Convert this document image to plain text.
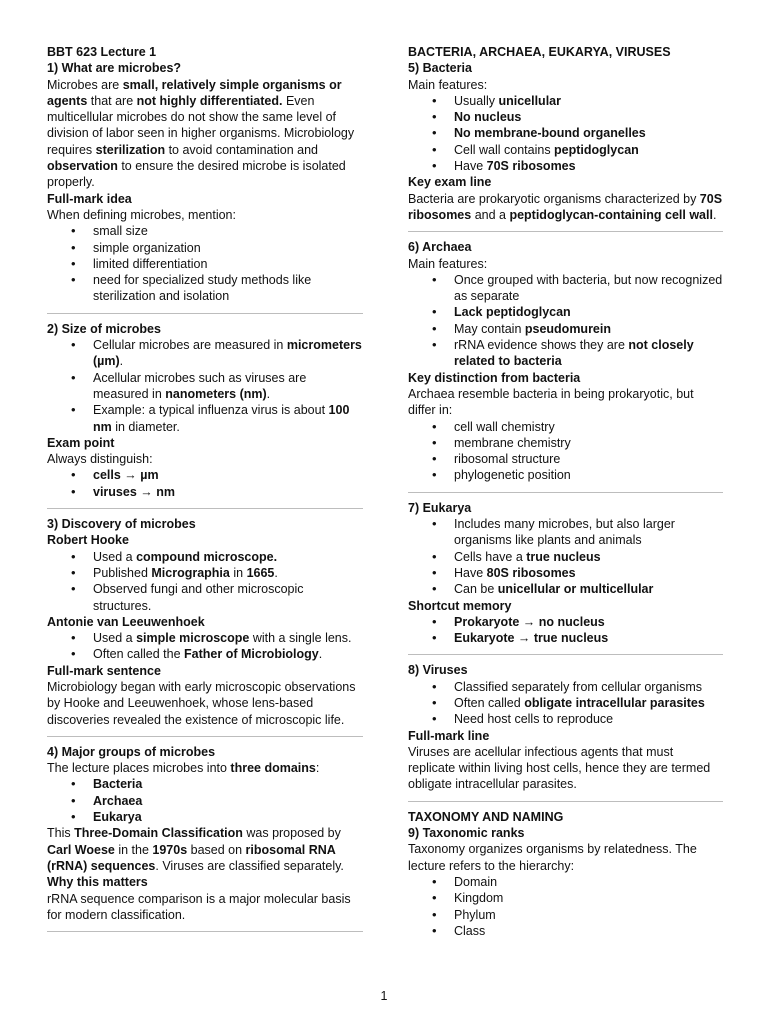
BBT 623 Lecture 1

1) What are microbes?

Microbes are small, relatively simple organisms or agents that are not highly differentiated. Even multicellular microbes do not show the same level of division of labor seen in higher organisms. Microbiology requires sterilization to avoid contamination and observation to ensure the desired microbe is isolated properly.

Full-mark idea

When defining microbes, mention:

• small size
• simple organization
• limited differentiation
• need for specialized study methods like sterilization and isolation

2) Size of microbes

• Cellular microbes are measured in micrometers (µm).
• Acellular microbes such as viruses are measured in nanometers (nm).
• Example: a typical influenza virus is about 100 nm in diameter.

Exam point

Always distinguish:

• cells → µm
• viruses → nm

3) Discovery of microbes

Robert Hooke

• Used a compound microscope.
• Published Micrographia in 1665.
• Observed fungi and other microscopic structures.

Antonie van Leeuwenhoek

• Used a simple microscope with a single lens.
• Often called the Father of Microbiology.

Full-mark sentence

Microbiology began with early microscopic observations by Hooke and Leeuwenhoek, whose lens-based discoveries revealed the existence of microscopic life.

4) Major groups of microbes

The lecture places microbes into three domains:

• Bacteria
• Archaea
• Eukarya

This Three-Domain Classification was proposed by Carl Woese in the 1970s based on ribosomal RNA (rRNA) sequences. Viruses are classified separately.

Why this matters

rRNA sequence comparison is a major molecular basis for modern classification.

BACTERIA, ARCHAEA, EUKARYA, VIRUSES

5) Bacteria

Main features:

• Usually unicellular
• No nucleus
• No membrane-bound organelles
• Cell wall contains peptidoglycan
• Have 70S ribosomes

Key exam line

Bacteria are prokaryotic organisms characterized by 70S ribosomes and a peptidoglycan-containing cell wall.

6) Archaea

Main features:

• Once grouped with bacteria, but now recognized as separate
• Lack peptidoglycan
• May contain pseudomurein
• rRNA evidence shows they are not closely related to bacteria

Key distinction from bacteria

Archaea resemble bacteria in being prokaryotic, but differ in:

• cell wall chemistry
• membrane chemistry
• ribosomal structure
• phylogenetic position

7) Eukarya

• Includes many microbes, but also larger organisms like plants and animals
• Cells have a true nucleus
• Have 80S ribosomes
• Can be unicellular or multicellular

Shortcut memory

• Prokaryote → no nucleus
• Eukaryote → true nucleus

8) Viruses

• Classified separately from cellular organisms
• Often called obligate intracellular parasites
• Need host cells to reproduce

Full-mark line

Viruses are acellular infectious agents that must replicate within living host cells, hence they are termed obligate intracellular parasites.

TAXONOMY AND NAMING

9) Taxonomic ranks

Taxonomy organizes organisms by relatedness. The lecture refers to the hierarchy:

• Domain
• Kingdom
• Phylum
• Class
1
